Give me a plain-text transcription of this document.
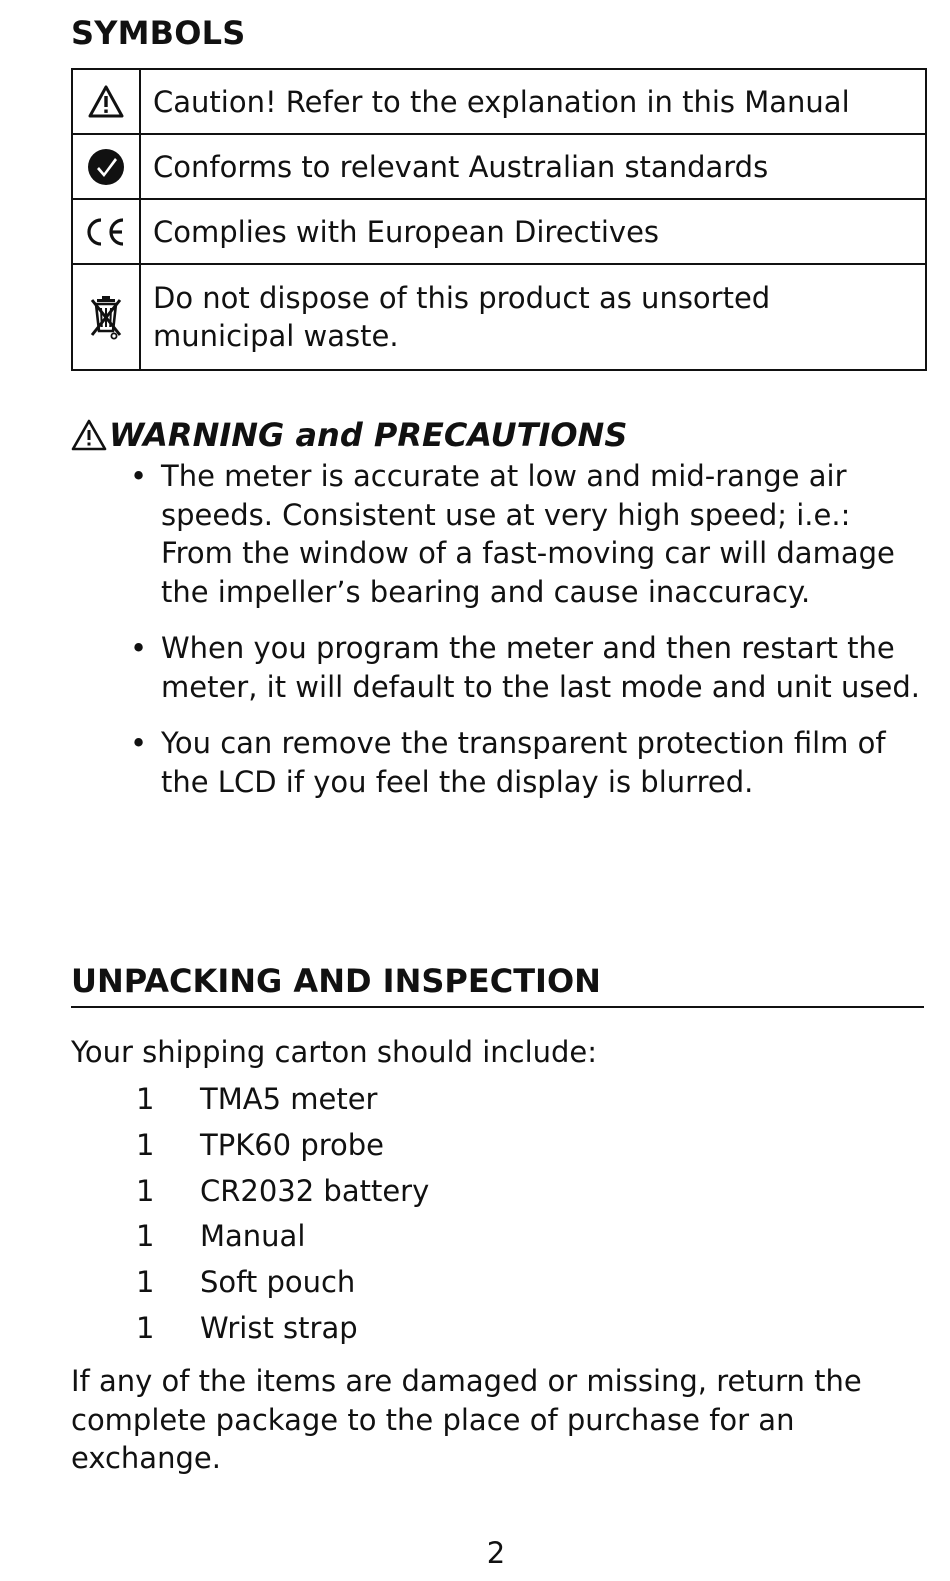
SYMBOLS
	Caution! Refer to the explanation in this Manual

	Conforms to relevant Australian standards

	Complies with European Directives

	Do not dispose of this product as unsorted municipal waste.
WARNING and PRECAUTIONS
• The meter is accurate at low and mid-range air speeds. Consistent use at very high speed; i.e.: From the window of a fast-moving car will damage the impeller’s bearing and cause inaccuracy.
• When you program the meter and then restart the meter, it will default to the last mode and unit used.
• You can remove the transparent protection film of the LCD if you feel the display is blurred.
UNPACKING AND INSPECTION

Your shipping carton should include:

1 TMA5 meter
1 TPK60 probe
1 CR2032 battery
1 Manual
1 Soft pouch
1 Wrist strap

If any of the items are damaged or missing, return the complete package to the place of purchase for an exchange.

2
